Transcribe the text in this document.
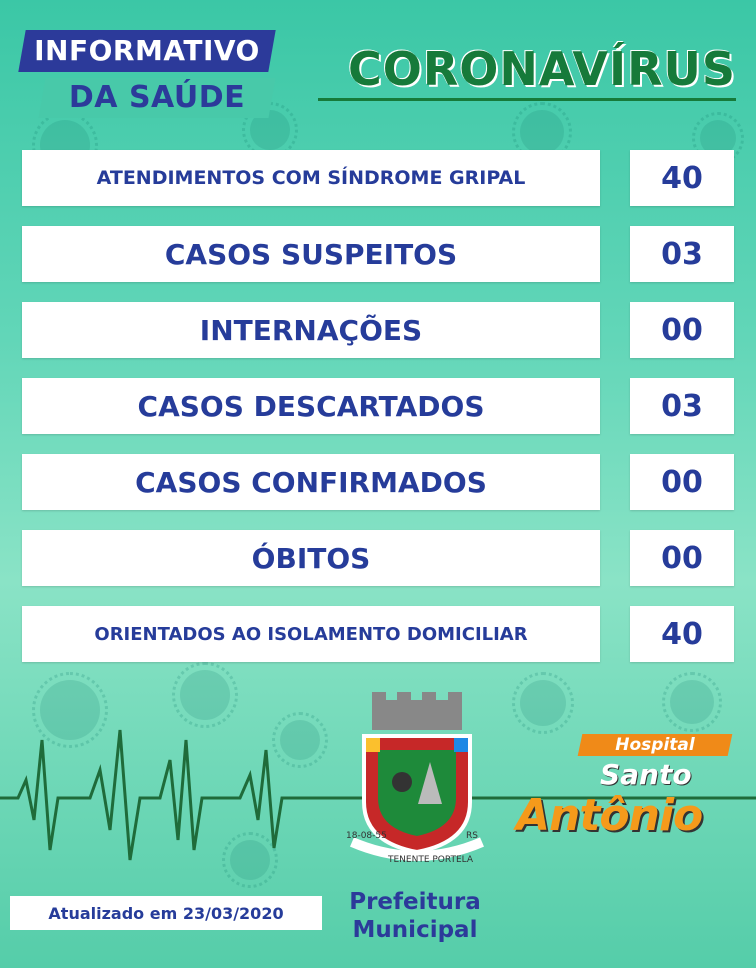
INFORMATIVO
DA SAÚDE
CORONAVÍRUS
ATENDIMENTOS COM SÍNDROME GRIPAL	40
CASOS SUSPEITOS	03
INTERNAÇÕES	00
CASOS DESCARTADOS	03
CASOS CONFIRMADOS	00
ÓBITOS	00
ORIENTADOS AO ISOLAMENTO DOMICILIAR	40
18-08-55
TENENTE PORTELA
RS
Hospital
Santo
Antônio
Atualizado em 23/03/2020	Prefeitura
Municipal
